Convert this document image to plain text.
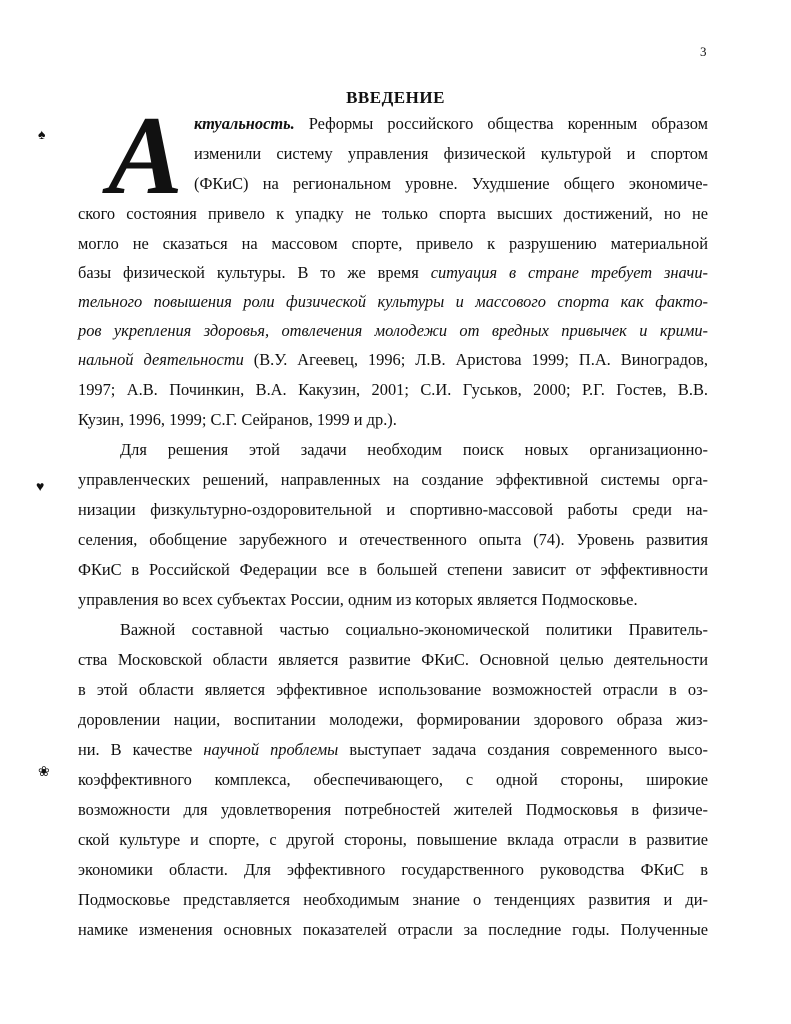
3
ВВЕДЕНИЕ
♠
♥
❀
А ктуальность. Реформы российского общества коренным образом
изменили систему управления физической культурой и спортом
(ФКиС) на региональном уровне. Ухудшение общего экономиче-
ского состояния привело к упадку не только спорта высших достижений, но не
могло не сказаться на массовом спорте, привело к разрушению материальной
базы физической культуры. В то же время ситуация в стране требует значи-
тельного повышения роли физической культуры и массового спорта как факто-
ров укрепления здоровья, отвлечения молодежи от вредных привычек и крими-
нальной деятельности (В.У. Агеевец, 1996; Л.В. Аристова 1999; П.А. Виноградов,
1997; А.В. Починкин, В.А. Какузин, 2001; С.И. Гуськов, 2000; Р.Г. Гостев, В.В.
Кузин, 1996, 1999; С.Г. Сейранов, 1999 и др.).
Для решения этой задачи необходим поиск новых организационно-
управленческих решений, направленных на создание эффективной системы орга-
низации физкультурно-оздоровительной и спортивно-массовой работы среди на-
селения, обобщение зарубежного и отечественного опыта (74). Уровень развития
ФКиС в Российской Федерации все в большей степени зависит от эффективности
управления во всех субъектах России, одним из которых является Подмосковье.
Важной составной частью социально-экономической политики Правитель-
ства Московской области является развитие ФКиС. Основной целью деятельности
в этой области является эффективное использование возможностей отрасли в оз-
доровлении нации, воспитании молодежи, формировании здорового образа жиз-
ни. В качестве научной проблемы выступает задача создания современного высо-
коэффективного комплекса, обеспечивающего, с одной стороны, широкие
возможности для удовлетворения потребностей жителей Подмосковья в физиче-
ской культуре и спорте, с другой стороны, повышение вклада отрасли в развитие
экономики области. Для эффективного государственного руководства ФКиС в
Подмосковье представляется необходимым знание о тенденциях развития и ди-
намике изменения основных показателей отрасли за последние годы. Полученные
